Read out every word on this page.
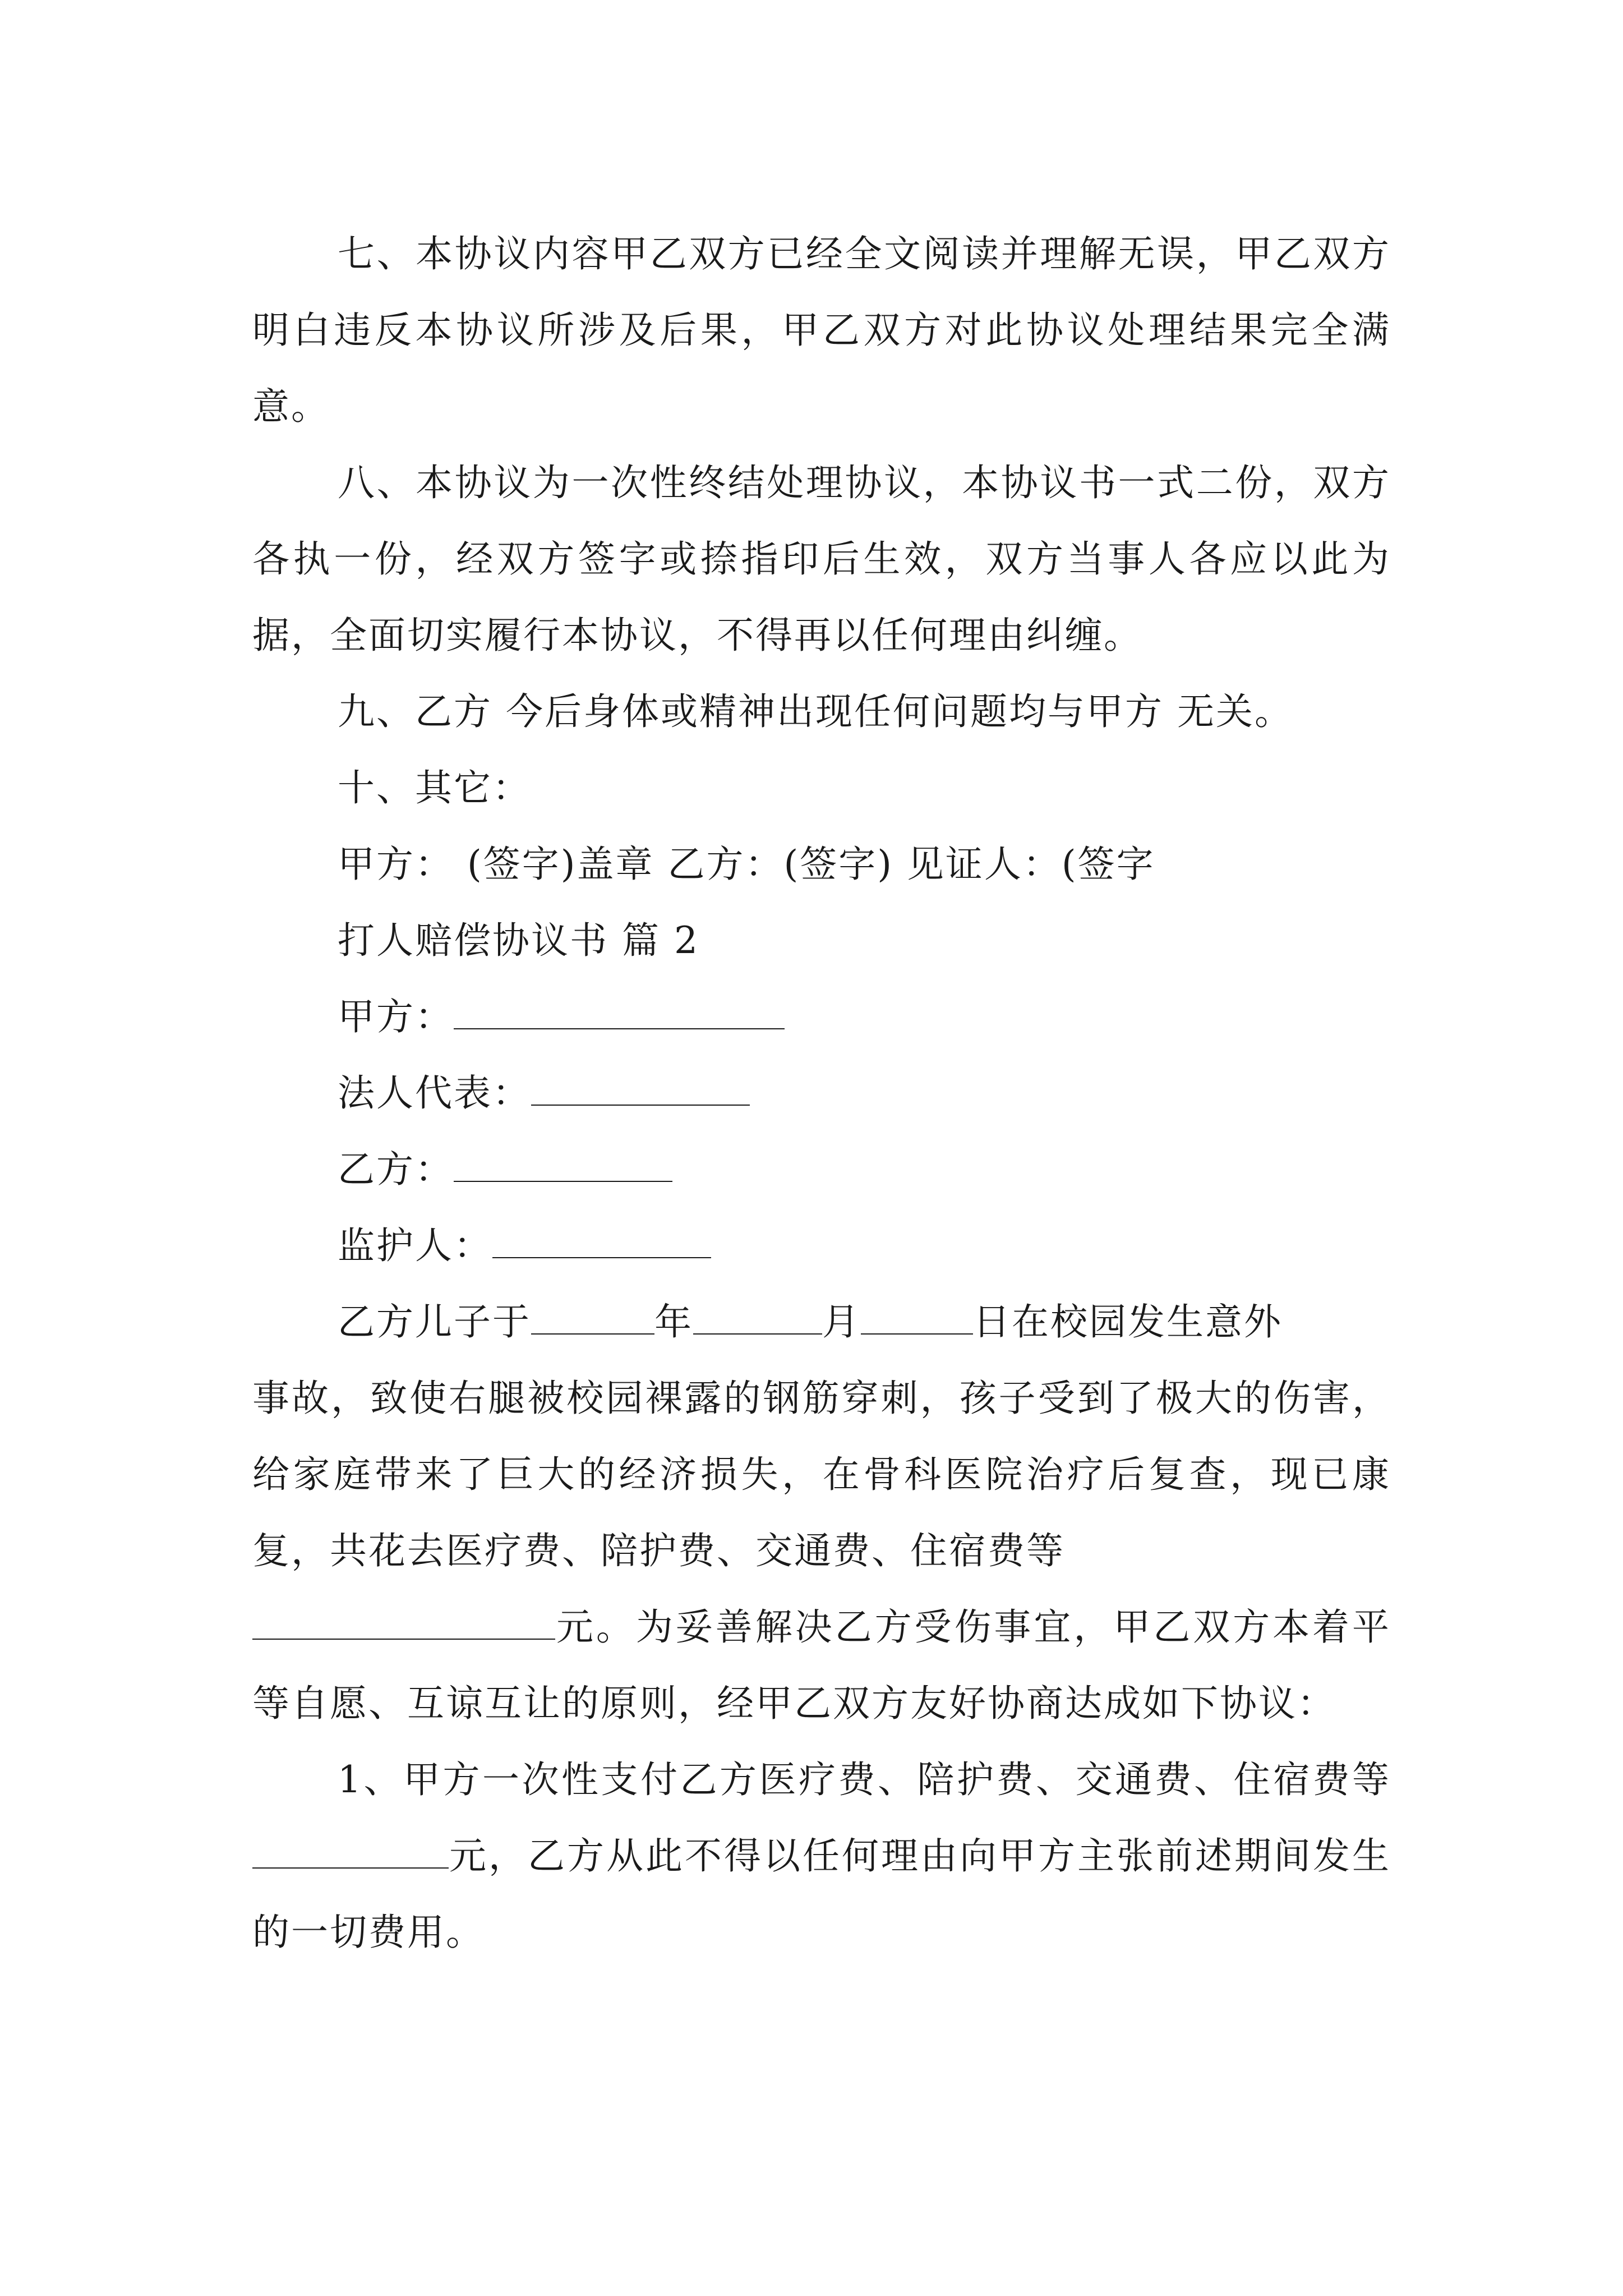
七、本协议内容甲乙双方已经全文阅读并理解无误，甲乙双方明白违反本协议所涉及后果，甲乙双方对此协议处理结果完全满意。

八、本协议为一次性终结处理协议，本协议书一式二份，双方各执一份，经双方签字或捺指印后生效，双方当事人各应以此为据，全面切实履行本协议，不得再以任何理由纠缠。

九、乙方 今后身体或精神出现任何问题均与甲方 无关。

十、其它：

甲方： (签字)盖章 乙方：(签字) 见证人：(签字

打人赔偿协议书 篇 2

甲方：

法人代表：

乙方：

监护人：

乙方儿子于	年	月	日在校园发生意外

事故，致使右腿被校园裸露的钢筋穿刺，孩子受到了极大的伤害，给家庭带来了巨大的经济损失，在骨科医院治疗后复查，现已康复，共花去医疗费、陪护费、交通费、住宿费等

元。为妥善解决乙方受伤事宜，甲乙双方本着平等自愿、互谅互让的原则，经甲乙双方友好协商达成如下协议：

1、甲方一次性支付乙方医疗费、陪护费、交通费、住宿费等元，乙方从此不得以任何理由向甲方主张前述期间发生的一切费用。
